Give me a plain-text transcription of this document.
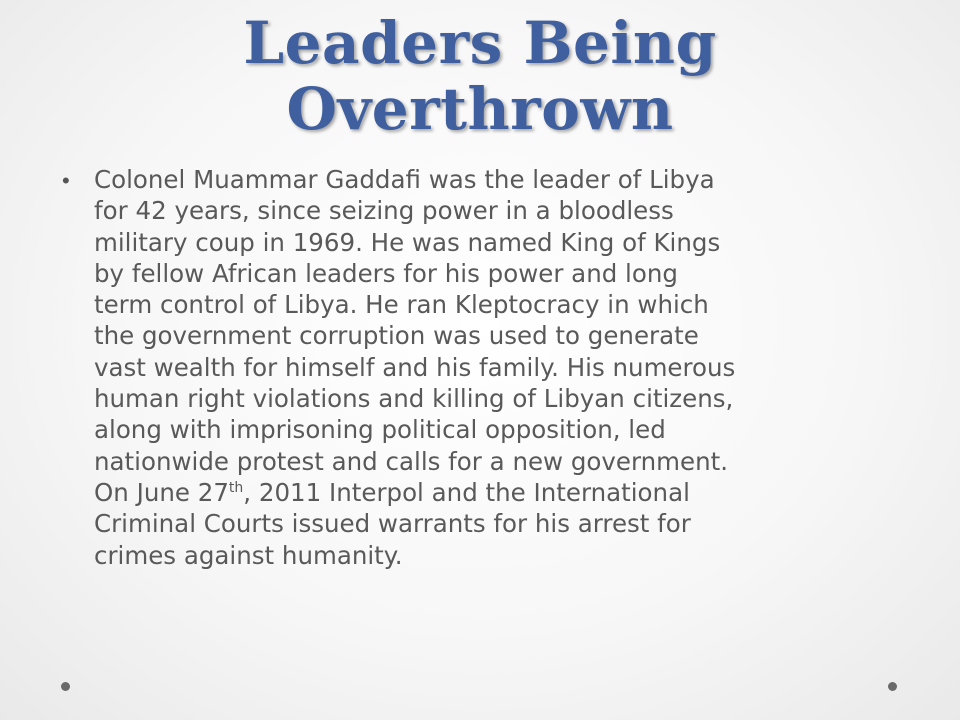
Leaders Being
Overthrown
• Colonel Muammar Gaddafi was the leader of Libya
for 42 years, since seizing power in a bloodless
military coup in 1969. He was named King of Kings
by fellow African leaders for his power and long
term control of Libya. He ran Kleptocracy in which
the government corruption was used to generate
vast wealth for himself and his family. His numerous
human right violations and killing of Libyan citizens,
along with imprisoning political opposition, led
nationwide protest and calls for a new government.
On June 27th, 2011 Interpol and the International
Criminal Courts issued warrants for his arrest for
crimes against humanity.
